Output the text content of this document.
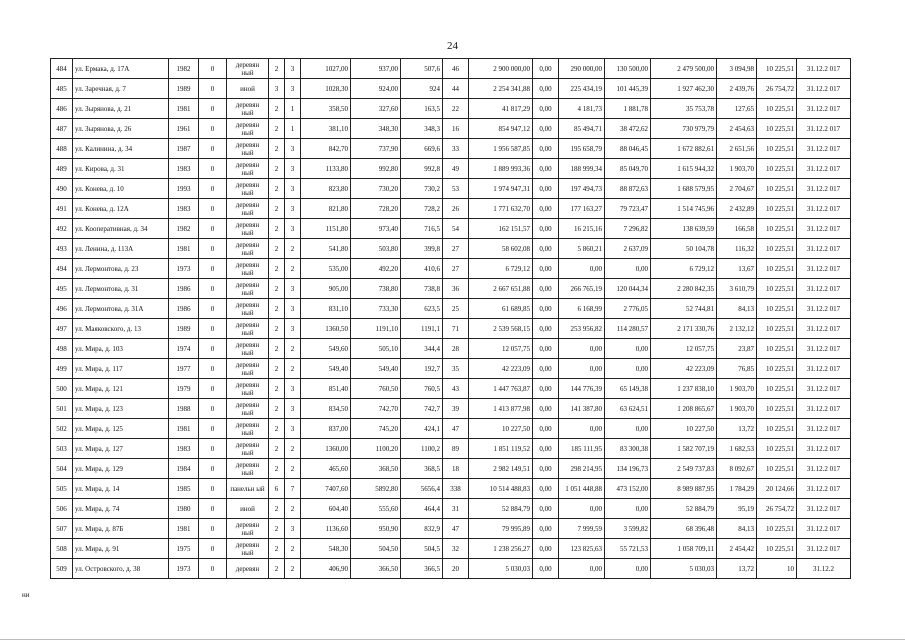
24
484	ул. Ермака, д. 17А	1982	0	деревян ный	2	3	1027,00	937,00	507,6	46	2 900 000,00	0,00	290 000,00	130 500,00	2 479 500,00	3 094,98	10 225,51	31.12.2 017
485	ул. Заречная, д. 7	1989	0	иной	3	3	1028,30	924,00	924	44	2 254 341,88	0,00	225 434,19	101 445,39	1 927 462,30	2 439,76	26 754,72	31.12.2 017
486	ул. Зырянова, д. 21	1981	0	деревян ный	2	1	358,50	327,60	163,5	22	41 817,29	0,00	4 181,73	1 881,78	35 753,78	127,65	10 225,51	31.12.2 017
487	ул. Зырянова, д. 26	1961	0	деревян ный	2	1	381,10	348,30	348,3	16	854 947,12	0,00	85 494,71	38 472,62	730 979,79	2 454,63	10 225,51	31.12.2 017
488	ул. Калинина, д. 34	1987	0	деревян ный	2	3	842,70	737,90	669,6	33	1 956 587,85	0,00	195 658,79	88 046,45	1 672 882,61	2 651,56	10 225,51	31.12.2 017
489	ул. Кирова, д. 31	1983	0	деревян ный	2	3	1133,80	992,80	992,8	49	1 889 993,36	0,00	188 999,34	85 049,70	1 615 944,32	1 903,70	10 225,51	31.12.2 017
490	ул. Конева, д. 10	1993	0	деревян ный	2	3	823,80	730,20	730,2	53	1 974 947,31	0,00	197 494,73	88 872,63	1 688 579,95	2 704,67	10 225,51	31.12.2 017
491	ул. Конева, д. 12А	1983	0	деревян ный	2	3	821,80	728,20	728,2	26	1 771 632,70	0,00	177 163,27	79 723,47	1 514 745,96	2 432,89	10 225,51	31.12.2 017
492	ул. Кооперативная, д. 34	1982	0	деревян ный	2	3	1151,80	973,40	716,5	54	162 151,57	0,00	16 215,16	7 296,82	138 639,59	166,58	10 225,51	31.12.2 017
493	ул. Ленина, д. 113А	1981	0	деревян ный	2	2	541,80	503,80	399,8	27	58 602,08	0,00	5 860,21	2 637,09	50 104,78	116,32	10 225,51	31.12.2 017
494	ул. Лермонтова, д. 23	1973	0	деревян ный	2	2	535,00	492,20	410,6	27	6 729,12	0,00	0,00	0,00	6 729,12	13,67	10 225,51	31.12.2 017
495	ул. Лермонтова, д. 31	1986	0	деревян ный	2	3	905,00	738,80	738,8	36	2 667 651,88	0,00	266 765,19	120 044,34	2 280 842,35	3 610,79	10 225,51	31.12.2 017
496	ул. Лермонтова, д. 31А	1986	0	деревян ный	2	3	831,10	733,30	623,5	25	61 689,85	0,00	6 168,99	2 776,05	52 744,81	84,13	10 225,51	31.12.2 017
497	ул. Маяковского, д. 13	1989	0	деревян ный	2	3	1360,50	1191,10	1191,1	71	2 539 568,15	0,00	253 956,82	114 280,57	2 171 330,76	2 132,12	10 225,51	31.12.2 017
498	ул. Мира, д. 103	1974	0	деревян ный	2	2	549,60	505,10	344,4	28	12 057,75	0,00	0,00	0,00	12 057,75	23,87	10 225,51	31.12.2 017
499	ул. Мира, д. 117	1977	0	деревян ный	2	2	549,40	549,40	192,7	35	42 223,09	0,00	0,00	0,00	42 223,09	76,85	10 225,51	31.12.2 017
500	ул. Мира, д. 121	1979	0	деревян ный	2	3	851,40	760,50	760,5	43	1 447 763,87	0,00	144 776,39	65 149,38	1 237 838,10	1 903,70	10 225,51	31.12.2 017
501	ул. Мира, д. 123	1988	0	деревян ный	2	3	834,50	742,70	742,7	39	1 413 877,98	0,00	141 387,80	63 624,51	1 208 865,67	1 903,70	10 225,51	31.12.2 017
502	ул. Мира, д. 125	1981	0	деревян ный	2	3	837,00	745,20	424,1	47	10 227,50	0,00	0,00	0,00	10 227,50	13,72	10 225,51	31.12.2 017
503	ул. Мира, д. 127	1983	0	деревян ный	2	2	1360,00	1100,20	1100,2	89	1 851 119,52	0,00	185 111,95	83 300,38	1 582 707,19	1 682,53	10 225,51	31.12.2 017
504	ул. Мира, д. 129	1984	0	деревян ный	2	2	465,60	368,50	368,5	18	2 982 149,51	0,00	298 214,95	134 196,73	2 549 737,83	8 092,67	10 225,51	31.12.2 017
505	ул. Мира, д. 14	1985	0	панельн ый	6	7	7407,60	5892,80	5656,4	338	10 514 488,83	0,00	1 051 448,88	473 152,00	8 989 887,95	1 784,29	20 124,66	31.12.2 017
506	ул. Мира, д. 74	1980	0	иной	2	2	604,40	555,60	464,4	31	52 884,79	0,00	0,00	0,00	52 884,79	95,19	26 754,72	31.12.2 017
507	ул. Мира, д. 87Б	1981	0	деревян ный	2	3	1136,60	950,90	832,9	47	79 995,89	0,00	7 999,59	3 599,82	68 396,48	84,13	10 225,51	31.12.2 017
508	ул. Мира, д. 91	1975	0	деревян ный	2	2	548,30	504,50	504,5	32	1 238 256,27	0,00	123 825,63	55 721,53	1 058 709,11	2 454,42	10 225,51	31.12.2 017
509	ул. Островского, д. 38	1973	0	деревян	2	2	406,90	366,50	366,5	20	5 030,03	0,00	0,00	0,00	5 030,03	13,72	10	31.12.2
ни
